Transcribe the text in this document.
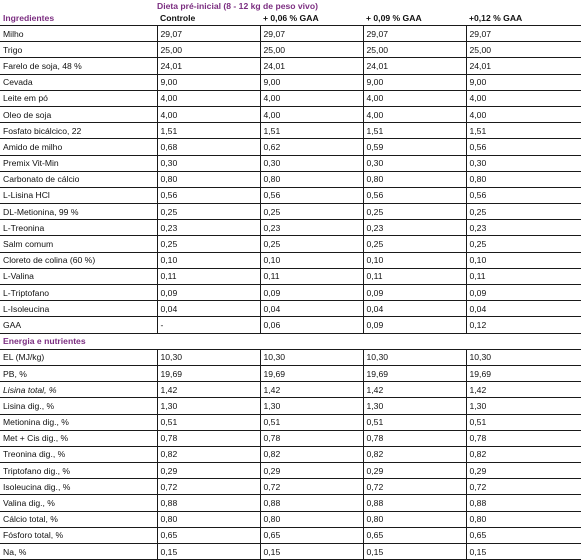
	Dieta pré-inicial (8 - 12 kg de peso vivo)			
Ingredientes	Controle	+ 0,06 % GAA	+ 0,09 % GAA	+0,12 % GAA
Milho	29,07	29,07	29,07	29,07
Trigo	25,00	25,00	25,00	25,00
Farelo de soja, 48 %	24,01	24,01	24,01	24,01
Cevada	9,00	9,00	9,00	9,00
Leite em pó	4,00	4,00	4,00	4,00
Oleo de soja	4,00	4,00	4,00	4,00
Fosfato bicálcico, 22	1,51	1,51	1,51	1,51
Amido de milho	0,68	0,62	0,59	0,56
Premix Vit-Min	0,30	0,30	0,30	0,30
Carbonato de cálcio	0,80	0,80	0,80	0,80
L-Lisina HCl	0,56	0,56	0,56	0,56
DL-Metionina, 99 %	0,25	0,25	0,25	0,25
L-Treonina	0,23	0,23	0,23	0,23
Salm comum	0,25	0,25	0,25	0,25
Cloreto de colina (60 %)	0,10	0,10	0,10	0,10
L-Valina	0,11	0,11	0,11	0,11
L-Triptofano	0,09	0,09	0,09	0,09
L-Isoleucina	0,04	0,04	0,04	0,04
GAA	-	0,06	0,09	0,12
Energia e nutrientes				
EL (MJ/kg)	10,30	10,30	10,30	10,30
PB, %	19,69	19,69	19,69	19,69
Lisina total, %	1,42	1,42	1,42	1,42
Lisina dig., %	1,30	1,30	1,30	1,30
Metionina dig., %	0,51	0,51	0,51	0,51
Met + Cis dig., %	0,78	0,78	0,78	0,78
Treonina dig., %	0,82	0,82	0,82	0,82
Triptofano dig., %	0,29	0,29	0,29	0,29
Isoleucina dig., %	0,72	0,72	0,72	0,72
Valina dig., %	0,88	0,88	0,88	0,88
Cálcio total, %	0,80	0,80	0,80	0,80
Fósforo total, %	0,65	0,65	0,65	0,65
Na, %	0,15	0,15	0,15	0,15
